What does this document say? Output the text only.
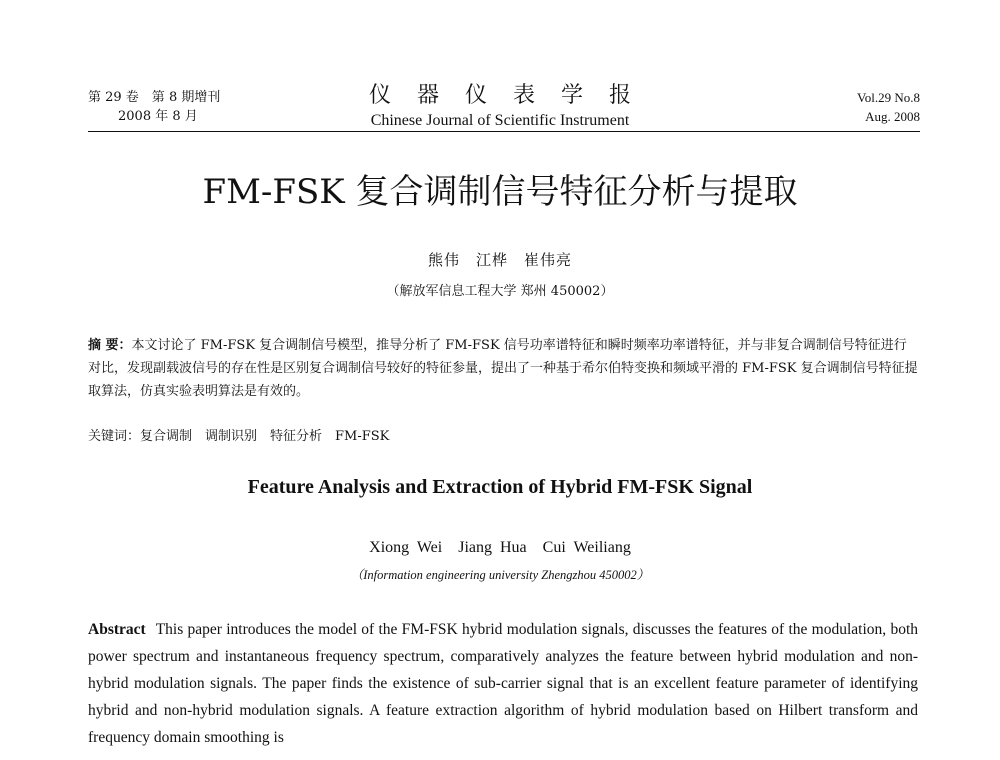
第 29 卷　第 8 期增刊
2008 年 8 月
仪器仪表学报
Chinese Journal of Scientific Instrument
Vol.29 No.8
Aug. 2008
FM-FSK 复合调制信号特征分析与提取
熊伟　江桦　崔伟亮
（解放军信息工程大学 郑州 450002）
摘 要：本文讨论了 FM-FSK 复合调制信号模型，推导分析了 FM-FSK 信号功率谱特征和瞬时频率功率谱特征，并与非复合调制信号特征进行对比，发现副载波信号的存在性是区别复合调制信号较好的特征参量，提出了一种基于希尔伯特变换和频域平滑的 FM-FSK 复合调制信号特征提取算法，仿真实验表明算法是有效的。
关键词：复合调制　调制识别　特征分析　FM-FSK
Feature Analysis and Extraction of Hybrid FM-FSK Signal
Xiong Wei　Jiang Hua　Cui Weiliang
（Information engineering university Zhengzhou 450002）
Abstract This paper introduces the model of the FM-FSK hybrid modulation signals, discusses the features of the modulation, both power spectrum and instantaneous frequency spectrum, comparatively analyzes the feature between hybrid modulation and non-hybrid modulation signals. The paper finds the existence of sub-carrier signal that is an excellent feature parameter of identifying hybrid and non-hybrid modulation signals. A feature extraction algorithm of hybrid modulation based on Hilbert transform and frequency domain smoothing is
